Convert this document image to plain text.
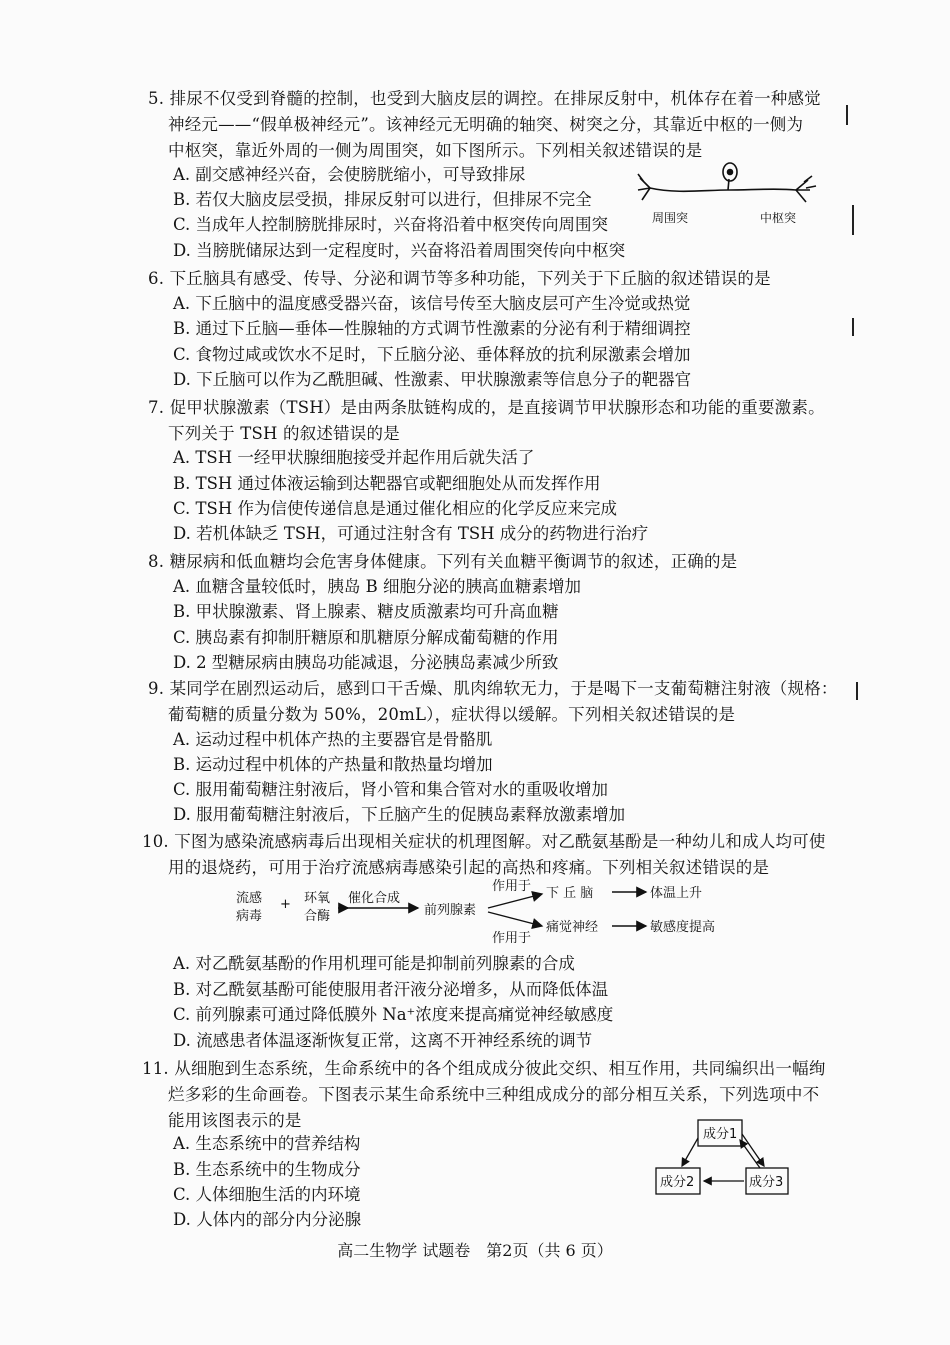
5. 排尿不仅受到脊髓的控制，也受到大脑皮层的调控。在排尿反射中，机体存在着一种感觉
神经元——“假单极神经元”。该神经元无明确的轴突、树突之分，其靠近中枢的一侧为
中枢突，靠近外周的一侧为周围突，如下图所示。下列相关叙述错误的是
A. 副交感神经兴奋，会使膀胱缩小，可导致排尿
B. 若仅大脑皮层受损，排尿反射可以进行，但排尿不完全
C. 当成年人控制膀胱排尿时，兴奋将沿着中枢突传向周围突
D. 当膀胱储尿达到一定程度时，兴奋将沿着周围突传向中枢突
周围突	中枢突
6. 下丘脑具有感受、传导、分泌和调节等多种功能，下列关于下丘脑的叙述错误的是
A. 下丘脑中的温度感受器兴奋，该信号传至大脑皮层可产生冷觉或热觉
B. 通过下丘脑—垂体—性腺轴的方式调节性激素的分泌有利于精细调控
C. 食物过咸或饮水不足时，下丘脑分泌、垂体释放的抗利尿激素会增加
D. 下丘脑可以作为乙酰胆碱、性激素、甲状腺激素等信息分子的靶器官
7. 促甲状腺激素（TSH）是由两条肽链构成的，是直接调节甲状腺形态和功能的重要激素。
下列关于 TSH 的叙述错误的是
A. TSH 一经甲状腺细胞接受并起作用后就失活了
B. TSH 通过体液运输到达靶器官或靶细胞处从而发挥作用
C. TSH 作为信使传递信息是通过催化相应的化学反应来完成
D. 若机体缺乏 TSH，可通过注射含有 TSH 成分的药物进行治疗
8. 糖尿病和低血糖均会危害身体健康。下列有关血糖平衡调节的叙述，正确的是
A. 血糖含量较低时，胰岛 B 细胞分泌的胰高血糖素增加
B. 甲状腺激素、肾上腺素、糖皮质激素均可升高血糖
C. 胰岛素有抑制肝糖原和肌糖原分解成葡萄糖的作用
D. 2 型糖尿病由胰岛功能减退，分泌胰岛素减少所致
9. 某同学在剧烈运动后，感到口干舌燥、肌肉绵软无力，于是喝下一支葡萄糖注射液（规格：
葡萄糖的质量分数为 50%，20mL），症状得以缓解。下列相关叙述错误的是
A. 运动过程中机体产热的主要器官是骨骼肌
B. 运动过程中机体的产热量和散热量均增加
C. 服用葡萄糖注射液后，肾小管和集合管对水的重吸收增加
D. 服用葡萄糖注射液后，下丘脑产生的促胰岛素释放激素增加
10. 下图为感染流感病毒后出现相关症状的机理图解。对乙酰氨基酚是一种幼儿和成人均可使
用的退烧药，可用于治疗流感病毒感染引起的高热和疼痛。下列相关叙述错误的是
流感
病毒
+ 环氧
合酶
催化合成
前列腺素
作用于
作用于
下 丘 脑	体温上升
痛觉神经	敏感度提高
A. 对乙酰氨基酚的作用机理可能是抑制前列腺素的合成
B. 对乙酰氨基酚可能使服用者汗液分泌增多，从而降低体温
C. 前列腺素可通过降低膜外 Na⁺浓度来提高痛觉神经敏感度
D. 流感患者体温逐渐恢复正常，这离不开神经系统的调节
11. 从细胞到生态系统，生命系统中的各个组成成分彼此交织、相互作用，共同编织出一幅绚
烂多彩的生命画卷。下图表示某生命系统中三种组成成分的部分相互关系，下列选项中不
能用该图表示的是
A. 生态系统中的营养结构
B. 生态系统中的生物成分
C. 人体细胞生活的内环境
D. 人体内的部分内分泌腺
成分1
成分2	成分3
高二生物学 试题卷　第2页（共 6 页）
